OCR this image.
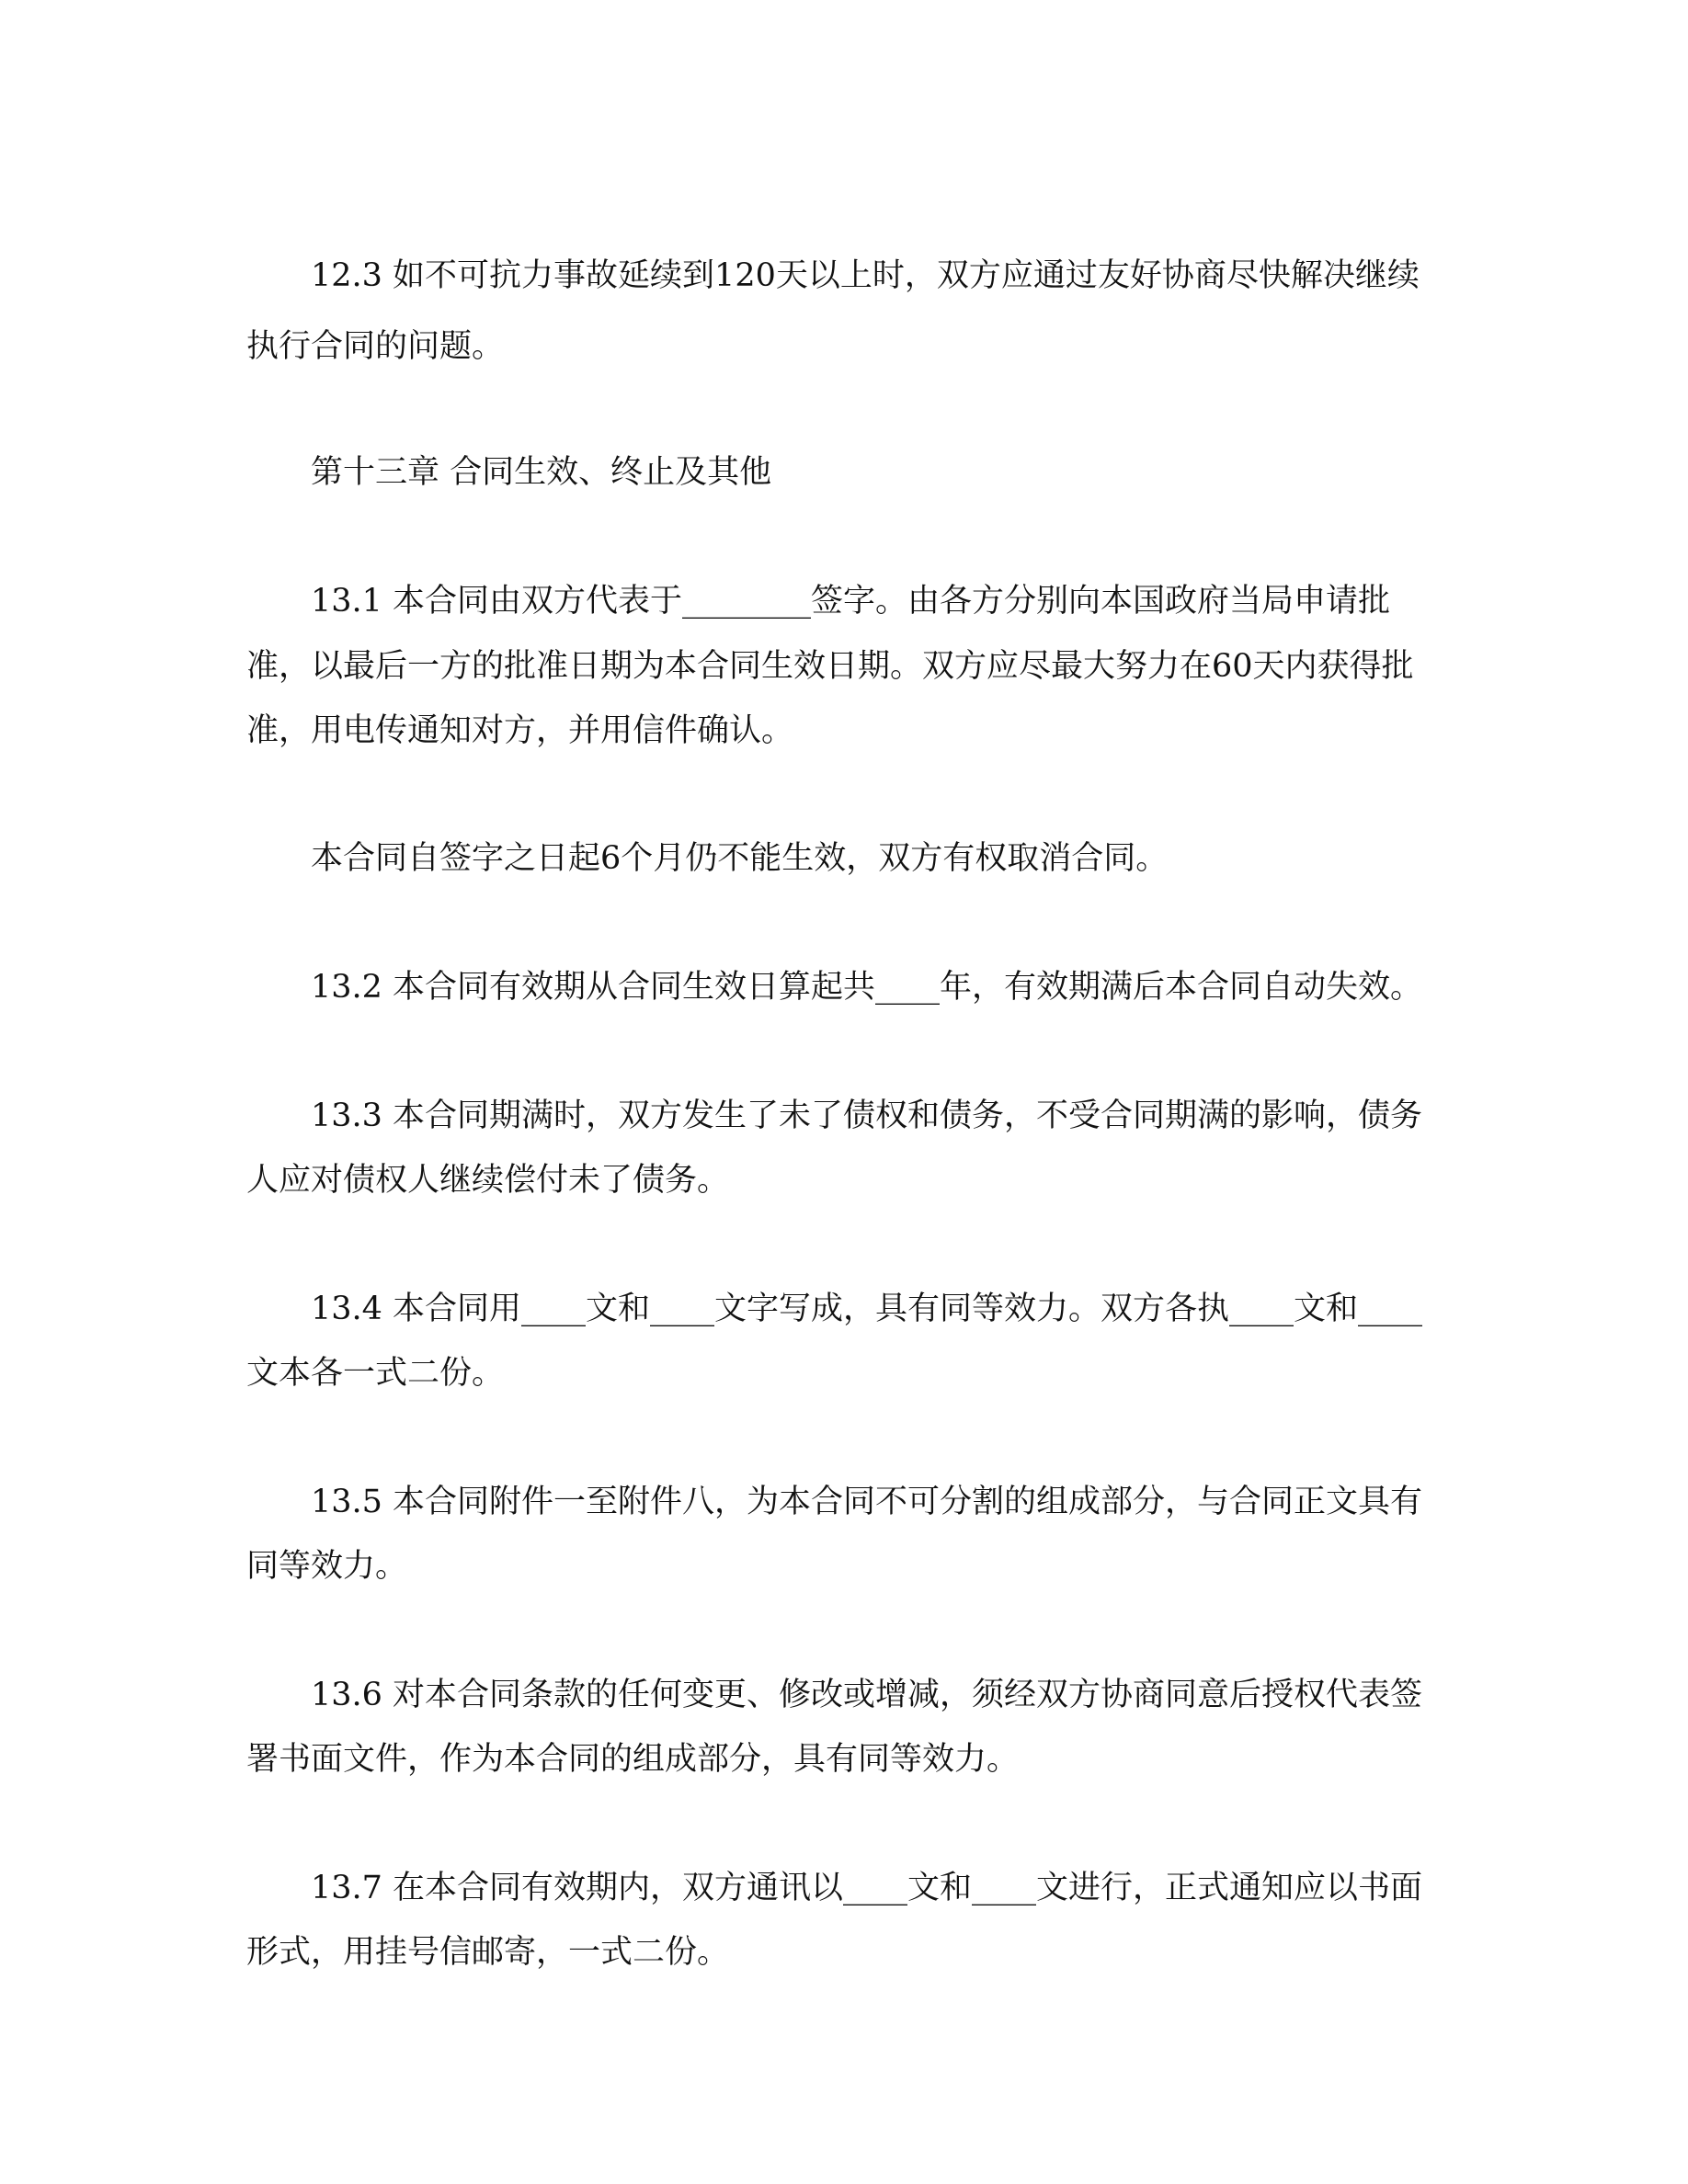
12.3 如不可抗力事故延续到120天以上时，双方应通过友好协商尽快解决继续
执行合同的问题。
第十三章 合同生效、终止及其他
13.1 本合同由双方代表于________签字。由各方分别向本国政府当局申请批
准，以最后一方的批准日期为本合同生效日期。双方应尽最大努力在60天内获得批
准，用电传通知对方，并用信件确认。
本合同自签字之日起6个月仍不能生效，双方有权取消合同。
13.2 本合同有效期从合同生效日算起共____年，有效期满后本合同自动失效。
13.3 本合同期满时，双方发生了未了债权和债务，不受合同期满的影响，债务
人应对债权人继续偿付未了债务。
13.4 本合同用____文和____文字写成，具有同等效力。双方各执____文和____
文本各一式二份。
13.5 本合同附件一至附件八，为本合同不可分割的组成部分，与合同正文具有
同等效力。
13.6 对本合同条款的任何变更、修改或增减，须经双方协商同意后授权代表签
署书面文件，作为本合同的组成部分，具有同等效力。
13.7 在本合同有效期内，双方通讯以____文和____文进行，正式通知应以书面
形式，用挂号信邮寄，一式二份。
